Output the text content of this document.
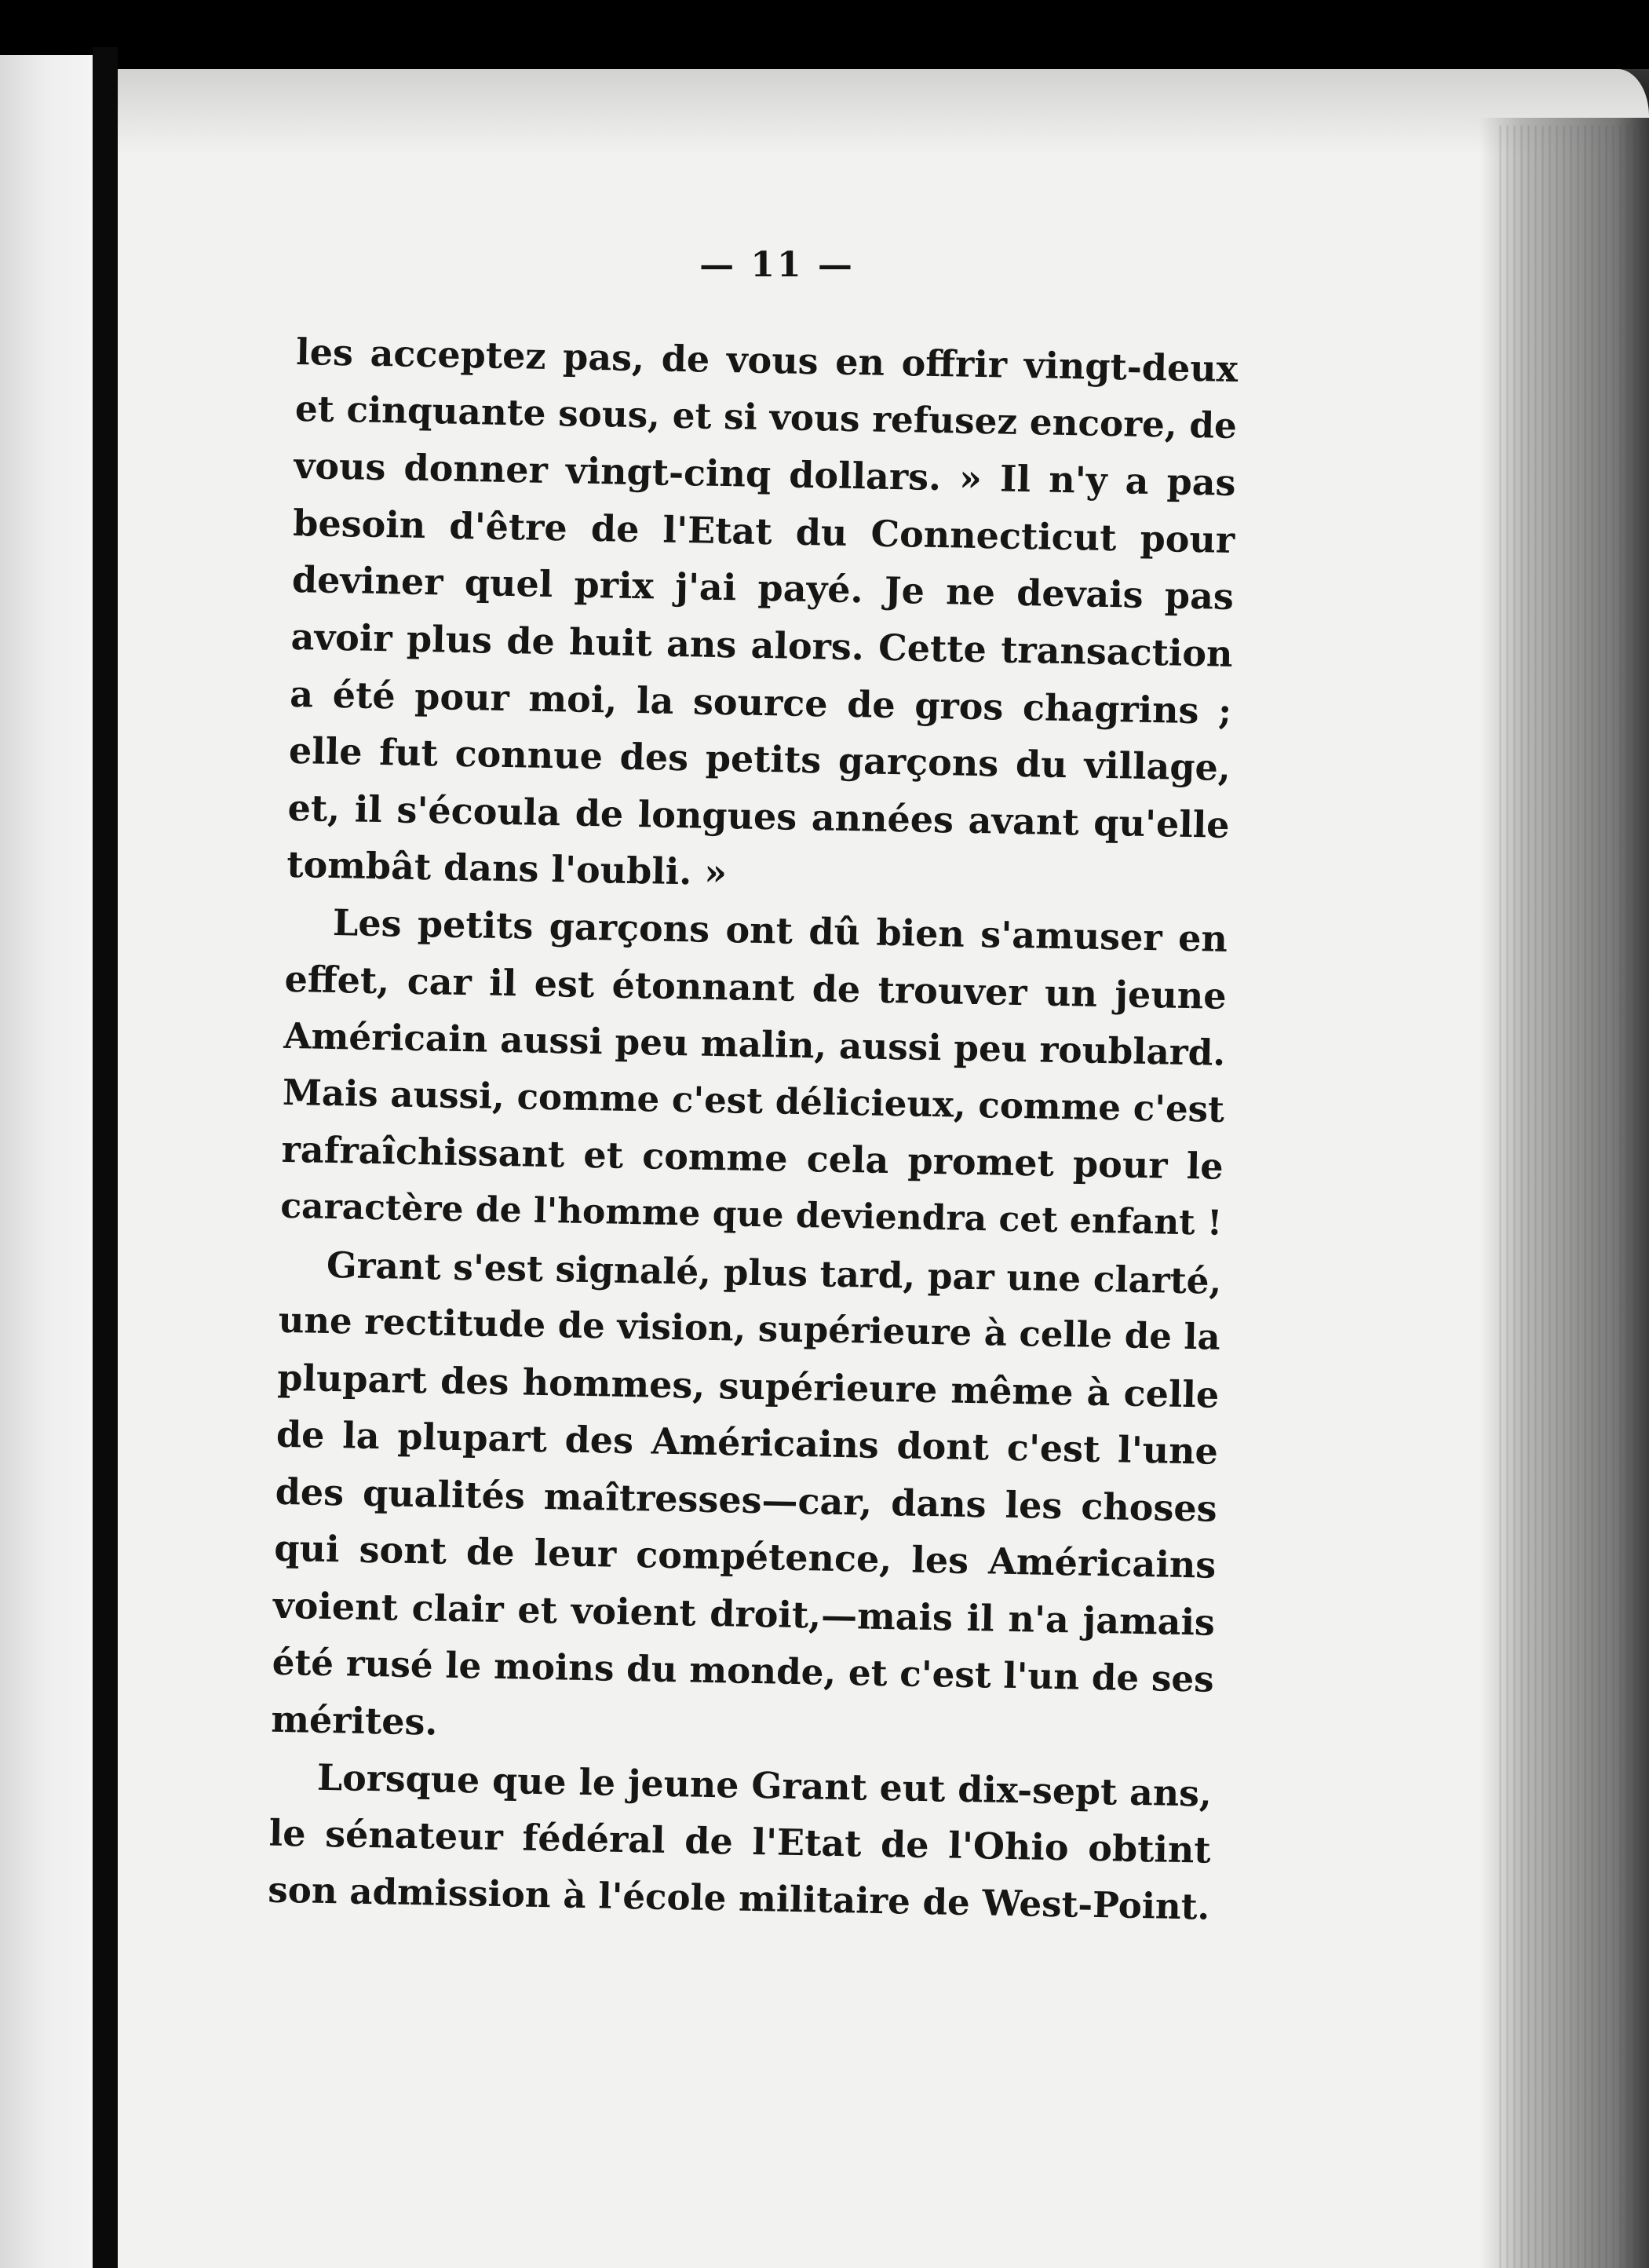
— 11 —
les acceptez pas, de vous en offrir vingt-deux
et cinquante sous, et si vous refusez encore, de
vous donner vingt-cinq dollars. » Il n'y a pas
besoin d'être de l'Etat du Connecticut pour
deviner quel prix j'ai payé. Je ne devais pas
avoir plus de huit ans alors. Cette transaction
a été pour moi, la source de gros chagrins ;
elle fut connue des petits garçons du village,
et, il s'écoula de longues années avant qu'elle
tombât dans l'oubli. »
Les petits garçons ont dû bien s'amuser en
effet, car il est étonnant de trouver un jeune
Américain aussi peu malin, aussi peu roublard.
Mais aussi, comme c'est délicieux, comme c'est
rafraîchissant et comme cela promet pour le
caractère de l'homme que deviendra cet enfant !
Grant s'est signalé, plus tard, par une clarté,
une rectitude de vision, supérieure à celle de la
plupart des hommes, supérieure même à celle
de la plupart des Américains dont c'est l'une
des qualités maîtresses—car, dans les choses
qui sont de leur compétence, les Américains
voient clair et voient droit,—mais il n'a jamais
été rusé le moins du monde, et c'est l'un de ses
mérites.
Lorsque que le jeune Grant eut dix-sept ans,
le sénateur fédéral de l'Etat de l'Ohio obtint
son admission à l'école militaire de West-Point.
